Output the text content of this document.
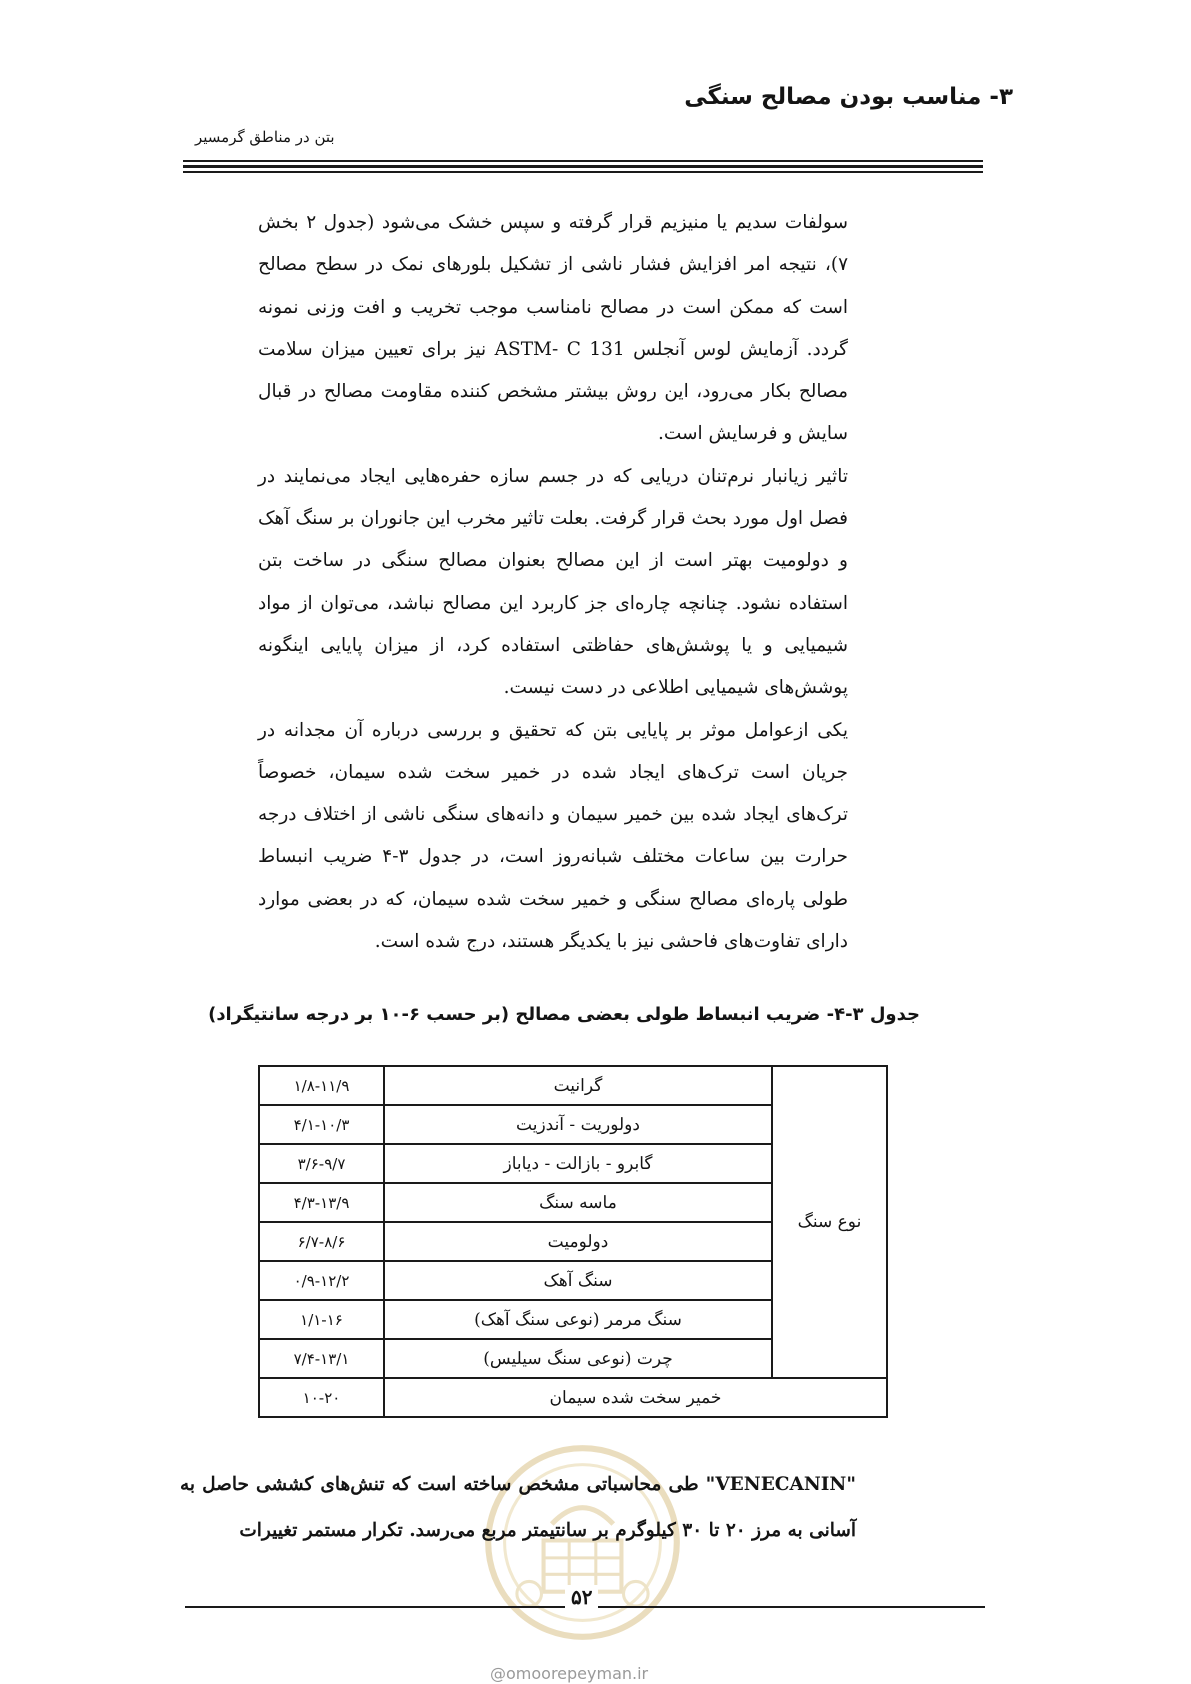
۳- مناسب بودن مصالح سنگی
بتن در مناطق گرمسیر

سولفات سدیم یا منیزیم قرار گرفته و سپس خشک می‌شود (جدول ۲ بخش ۷)، نتیجه امر افزایش فشار ناشی از تشکیل بلورهای نمک در سطح مصالح است که ممکن است در مصالح نامناسب موجب تخریب و افت وزنی نمونه گردد. آزمایش لوس آنجلس ASTM- C 131 نیز برای تعیین میزان سلامت مصالح بکار می‌رود، این روش بیشتر مشخص کننده مقاومت مصالح در قبال سایش و فرسایش است.

تاثیر زیانبار نرم‌تنان دریایی که در جسم سازه حفره‌هایی ایجاد می‌نمایند در فصل اول مورد بحث قرار گرفت. بعلت تاثیر مخرب این جانوران بر سنگ آهک و دولومیت بهتر است از این مصالح بعنوان مصالح سنگی در ساخت بتن استفاده نشود. چنانچه چاره‌ای جز کاربرد این مصالح نباشد، می‌توان از مواد شیمیایی و یا پوشش‌های حفاظتی استفاده کرد، از میزان پایایی اینگونه پوشش‌های شیمیایی اطلاعی در دست نیست.

یکی ازعوامل موثر بر پایایی بتن که تحقیق و بررسی درباره آن مجدانه در جریان است ترک‌های ایجاد شده در خمیر سخت شده سیمان، خصوصاً ترک‌های ایجاد شده بین خمیر سیمان و دانه‌های سنگی ناشی از اختلاف درجه حرارت بین ساعات مختلف شبانه‌روز است، در جدول ۳-۴ ضریب انبساط طولی پاره‌ای مصالح سنگی و خمیر سخت شده سیمان، که در بعضی موارد دارای تفاوت‌های فاحشی نیز با یکدیگر هستند، درج شده است.

جدول ۳-۴- ضریب انبساط طولی بعضی مصالح (بر حسب ۶-۱۰ بر درجه سانتیگراد)
نوع سنگ	گرانیت	۱/۸-۱۱/۹
	دولوریت - آندزیت	۴/۱-۱۰/۳
	گابرو - بازالت - دیاباز	۳/۶-۹/۷
	ماسه سنگ	۴/۳-۱۳/۹
	دولومیت	۶/۷-۸/۶
	سنگ آهک	۰/۹-۱۲/۲
	سنگ مرمر (نوعی سنگ آهک)	۱/۱-۱۶
	چرت (نوعی سنگ سیلیس)	۷/۴-۱۳/۱
خمیر سخت شده سیمان		۱۰-۲۰
"VENECANIN" طی محاسباتی مشخص ساخته است که تنش‌های کششی حاصل به آسانی به مرز ۲۰ تا ۳۰ کیلوگرم بر سانتیمتر مربع می‌رسد. تکرار مستمر تغییرات
۵۲
@omoorepeyman.ir
